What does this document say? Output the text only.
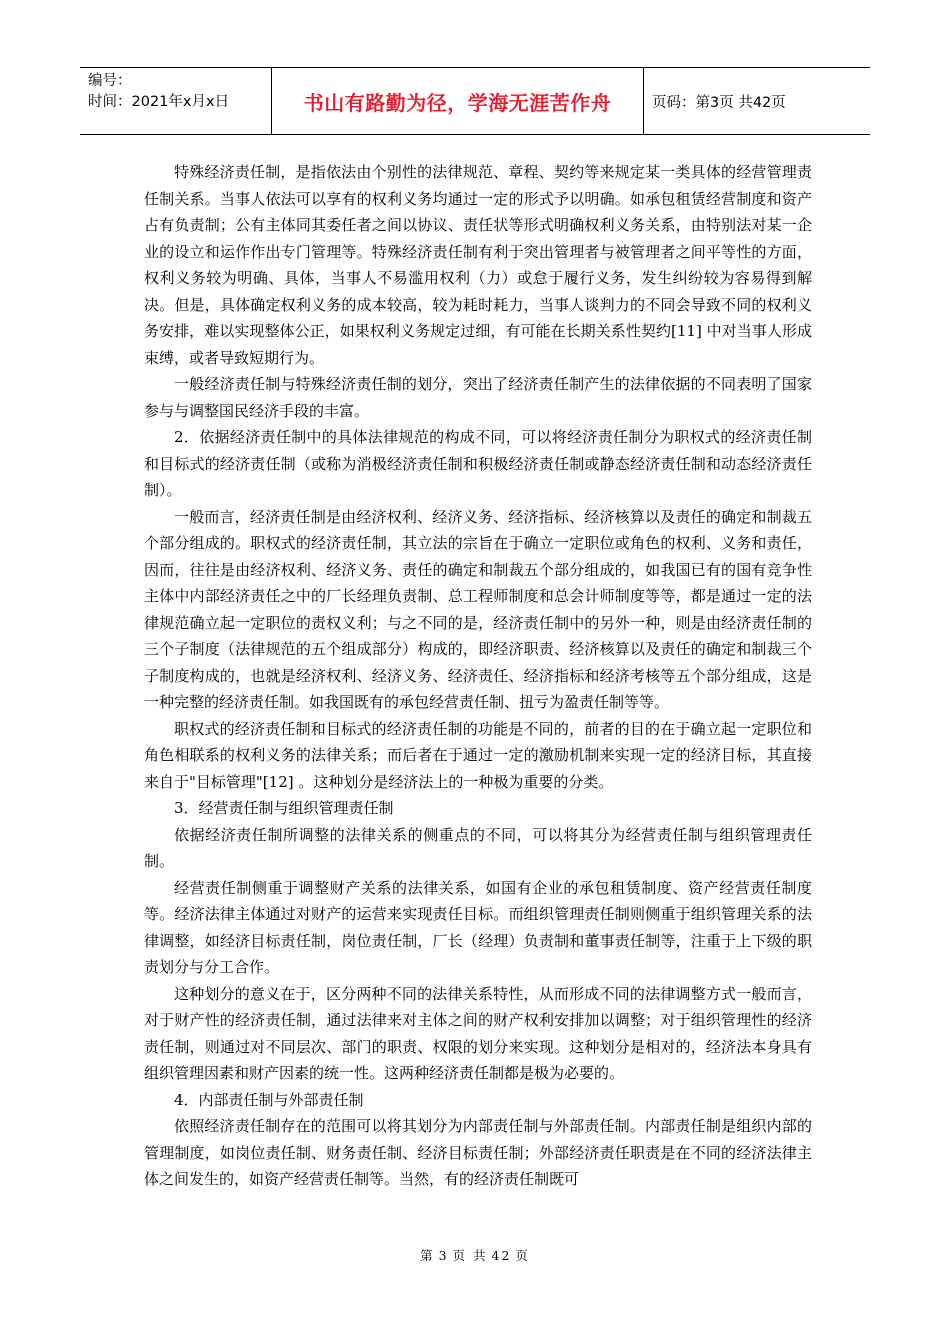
编号：
时间：2021年x月x日	书山有路勤为径，学海无涯苦作舟	页码：第3页 共42页

特殊经济责任制，是指依法由个别性的法律规范、章程、契约等来规定某一类具体的经营管理责任制关系。当事人依法可以享有的权利义务均通过一定的形式予以明确。如承包租赁经营制度和资产占有负责制；公有主体同其委任者之间以协议、责任状等形式明确权利义务关系，由特别法对某一企业的设立和运作作出专门管理等。特殊经济责任制有利于突出管理者与被管理者之间平等性的方面，权利义务较为明确、具体，当事人不易滥用权利（力）或怠于履行义务，发生纠纷较为容易得到解决。但是，具体确定权利义务的成本较高，较为耗时耗力，当事人谈判力的不同会导致不同的权利义务安排，难以实现整体公正，如果权利义务规定过细，有可能在长期关系性契约[11] 中对当事人形成束缚，或者导致短期行为。

一般经济责任制与特殊经济责任制的划分，突出了经济责任制产生的法律依据的不同表明了国家参与与调整国民经济手段的丰富。

2．依据经济责任制中的具体法律规范的构成不同，可以将经济责任制分为职权式的经济责任制和目标式的经济责任制（或称为消极经济责任制和积极经济责任制或静态经济责任制和动态经济责任制）。

一般而言，经济责任制是由经济权利、经济义务、经济指标、经济核算以及责任的确定和制裁五个部分组成的。职权式的经济责任制，其立法的宗旨在于确立一定职位或角色的权利、义务和责任，因而，往往是由经济权利、经济义务、责任的确定和制裁五个部分组成的，如我国已有的国有竞争性主体中内部经济责任之中的厂长经理负责制、总工程师制度和总会计师制度等等，都是通过一定的法律规范确立起一定职位的责权义利；与之不同的是，经济责任制中的另外一种，则是由经济责任制的三个子制度（法律规范的五个组成部分）构成的，即经济职责、经济核算以及责任的确定和制裁三个子制度构成的，也就是经济权利、经济义务、经济责任、经济指标和经济考核等五个部分组成，这是一种完整的经济责任制。如我国既有的承包经营责任制、扭亏为盈责任制等等。

职权式的经济责任制和目标式的经济责任制的功能是不同的，前者的目的在于确立起一定职位和角色相联系的权利义务的法律关系；而后者在于通过一定的激励机制来实现一定的经济目标，其直接来自于"目标管理"[12] 。这种划分是经济法上的一种极为重要的分类。

3．经营责任制与组织管理责任制

依据经济责任制所调整的法律关系的侧重点的不同，可以将其分为经营责任制与组织管理责任制。

经营责任制侧重于调整财产关系的法律关系，如国有企业的承包租赁制度、资产经营责任制度等。经济法律主体通过对财产的运营来实现责任目标。而组织管理责任制则侧重于组织管理关系的法律调整，如经济目标责任制，岗位责任制，厂长（经理）负责制和董事责任制等，注重于上下级的职责划分与分工合作。

这种划分的意义在于，区分两种不同的法律关系特性，从而形成不同的法律调整方式一般而言，对于财产性的经济责任制，通过法律来对主体之间的财产权利安排加以调整；对于组织管理性的经济责任制，则通过对不同层次、部门的职责、权限的划分来实现。这种划分是相对的，经济法本身具有组织管理因素和财产因素的统一性。这两种经济责任制都是极为必要的。

4．内部责任制与外部责任制

依照经济责任制存在的范围可以将其划分为内部责任制与外部责任制。内部责任制是组织内部的管理制度，如岗位责任制、财务责任制、经济目标责任制；外部经济责任职责是在不同的经济法律主体之间发生的，如资产经营责任制等。当然，有的经济责任制既可

第 3 页 共 42 页
